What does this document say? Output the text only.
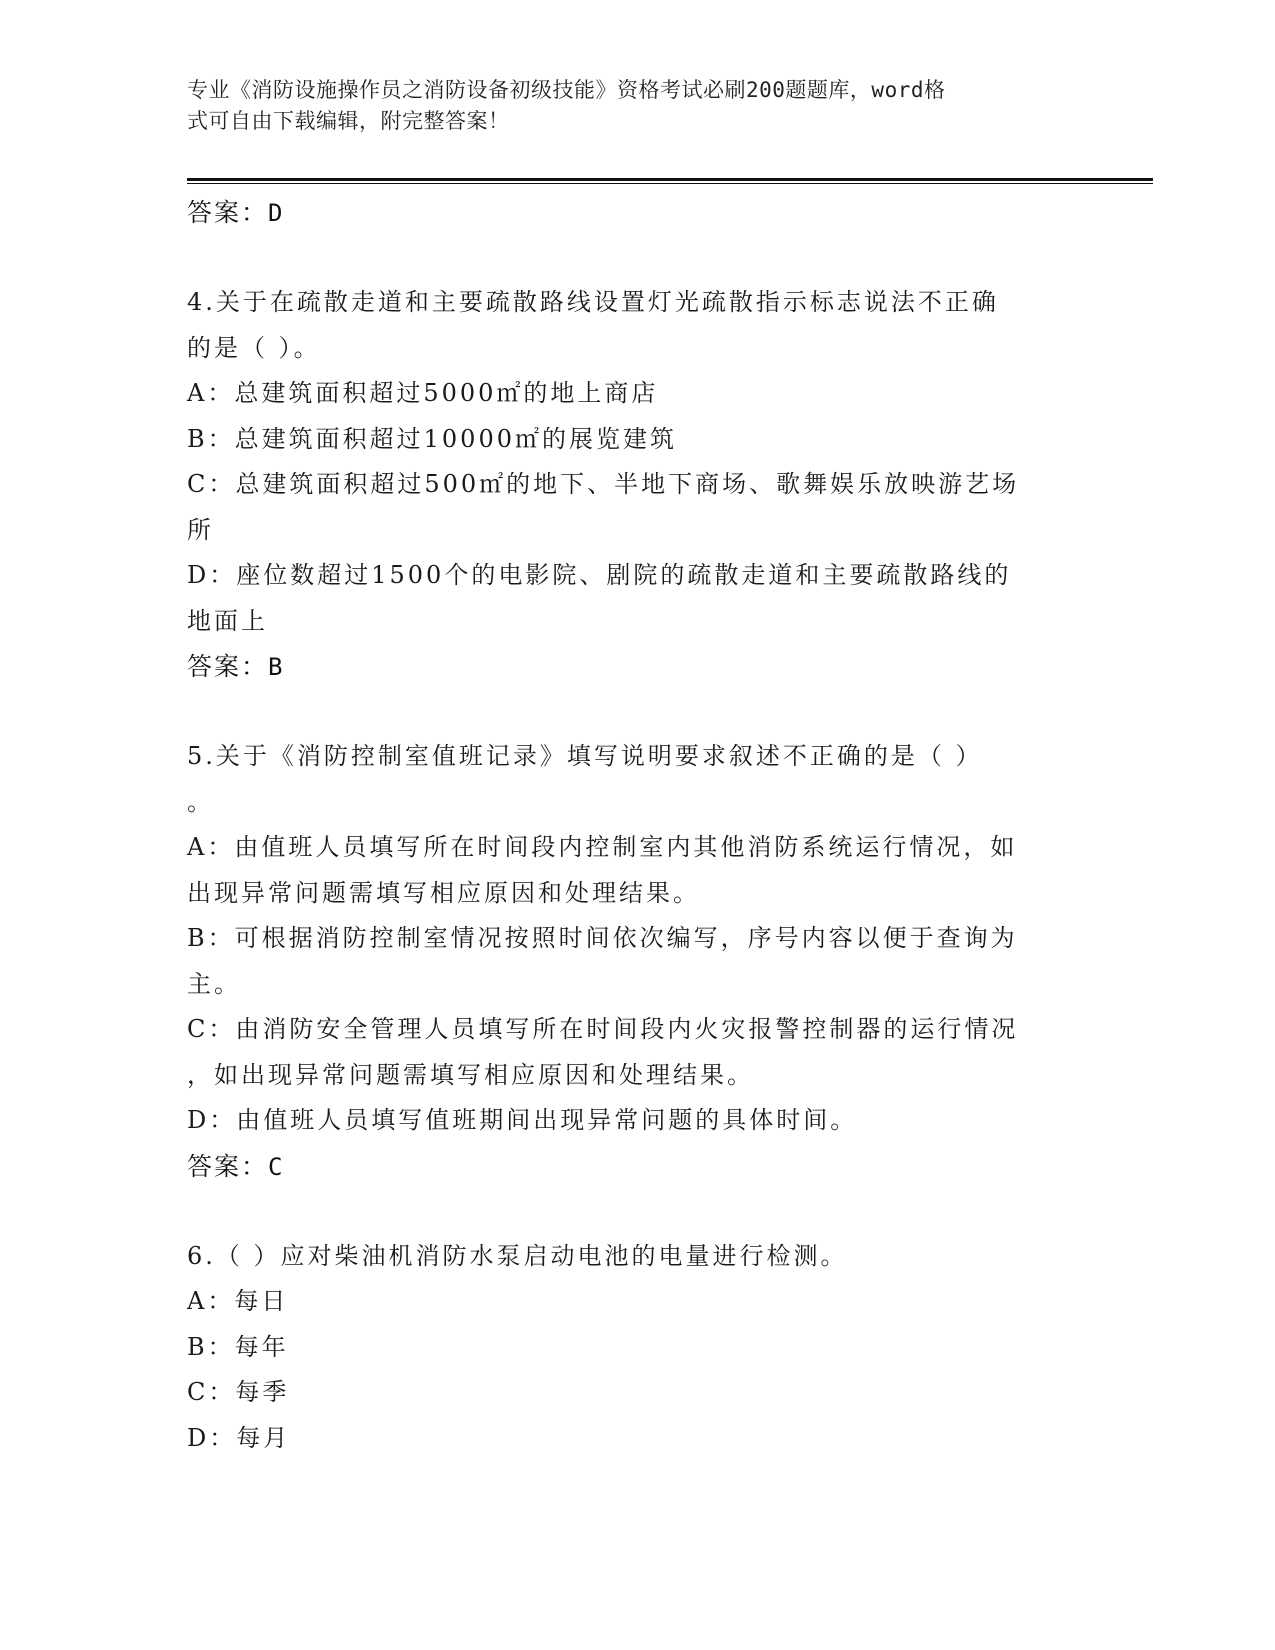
专业《消防设施操作员之消防设备初级技能》资格考试必刷200题题库，word格
式可自由下载编辑，附完整答案！
答案：D
4.关于在疏散走道和主要疏散路线设置灯光疏散指示标志说法不正确
的是（ ）。
A：总建筑面积超过5000㎡的地上商店
B：总建筑面积超过10000㎡的展览建筑
C：总建筑面积超过500㎡的地下、半地下商场、歌舞娱乐放映游艺场
所
D：座位数超过1500个的电影院、剧院的疏散走道和主要疏散路线的
地面上
答案：B
5.关于《消防控制室值班记录》填写说明要求叙述不正确的是（ ）
。
A：由值班人员填写所在时间段内控制室内其他消防系统运行情况，如
出现异常问题需填写相应原因和处理结果。
B：可根据消防控制室情况按照时间依次编写，序号内容以便于查询为
主。
C：由消防安全管理人员填写所在时间段内火灾报警控制器的运行情况
，如出现异常问题需填写相应原因和处理结果。
D：由值班人员填写值班期间出现异常问题的具体时间。
答案：C
6.（ ）应对柴油机消防水泵启动电池的电量进行检测。
A：每日
B：每年
C：每季
D：每月
